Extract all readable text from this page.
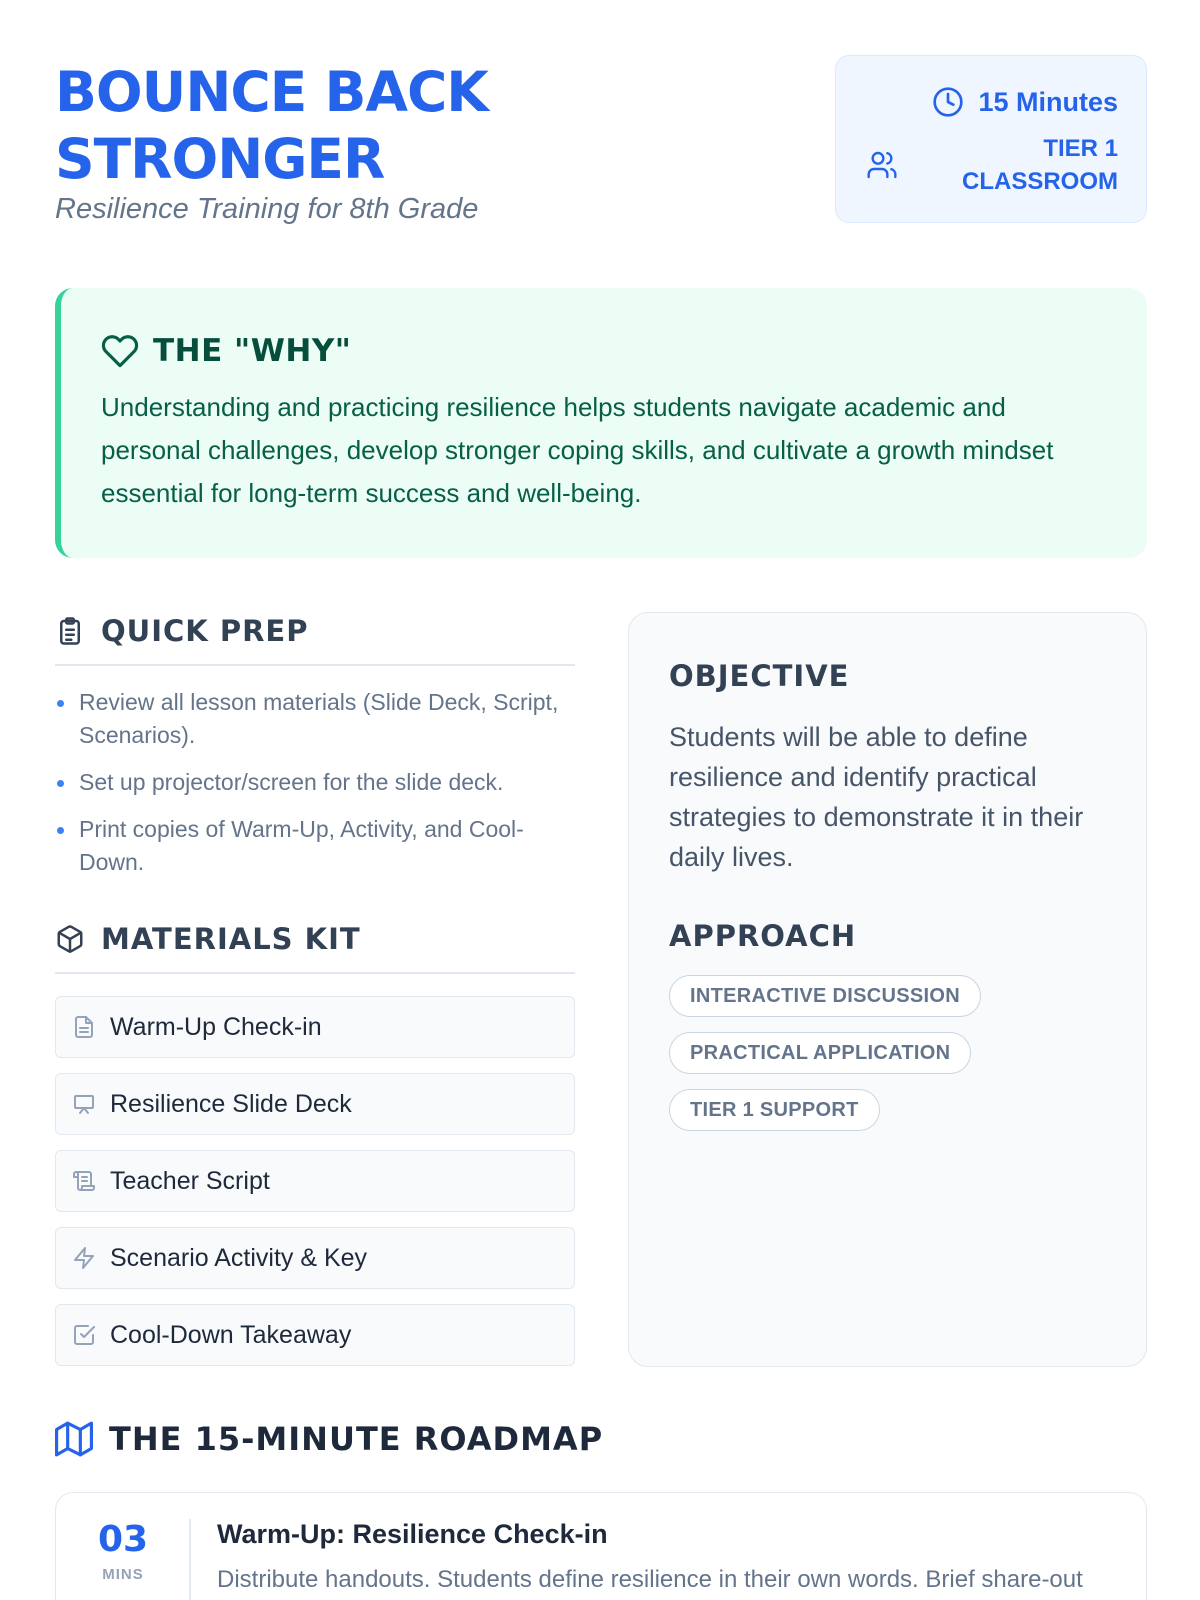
BOUNCE BACK
STRONGER
Resilience Training for 8th Grade
15 Minutes
TIER 1
CLASSROOM
THE "WHY"
Understanding and practicing resilience helps students navigate academic and personal challenges, develop stronger coping skills, and cultivate a growth mindset essential for long-term success and well-being.
QUICK PREP
Review all lesson materials (Slide Deck, Script, Scenarios).
Set up projector/screen for the slide deck.
Print copies of Warm-Up, Activity, and Cool-Down.
MATERIALS KIT
Warm-Up Check-in
Resilience Slide Deck
Teacher Script
Scenario Activity & Key
Cool-Down Takeaway
OBJECTIVE
Students will be able to define resilience and identify practical strategies to demonstrate it in their daily lives.
APPROACH
INTERACTIVE DISCUSSION
PRACTICAL APPLICATION
TIER 1 SUPPORT
THE 15-MINUTE ROADMAP
03
MINS
Warm-Up: Resilience Check-in
Distribute handouts. Students define resilience in their own words. Brief share-out
